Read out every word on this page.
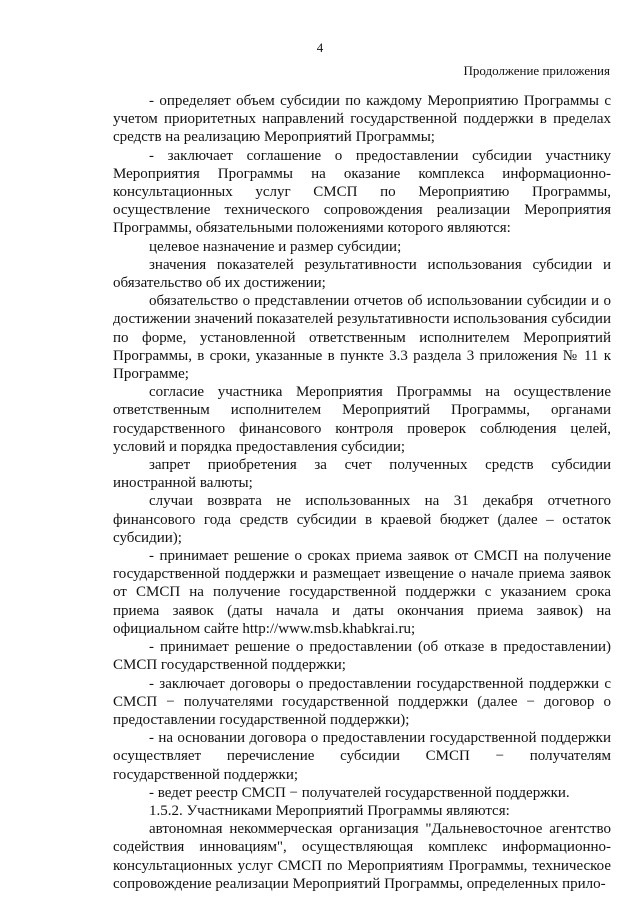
4
Продолжение приложения

- определяет объем субсидии по каждому Мероприятию Программы с учетом приоритетных направлений государственной поддержки в пределах средств на реализацию Мероприятий Программы;

- заключает соглашение о предоставлении субсидии участнику Мероприятия Программы на оказание комплекса информационно-консультационных услуг СМСП по Мероприятию Программы, осуществление технического сопровождения реализации Мероприятия Программы, обязательными положениями которого являются:

целевое назначение и размер субсидии;

значения показателей результативности использования субсидии и обязательство об их достижении;

обязательство о представлении отчетов об использовании субсидии и о достижении значений показателей результативности использования субсидии по форме, установленной ответственным исполнителем Мероприятий Программы, в сроки, указанные в пункте 3.3 раздела 3 приложения № 11 к Программе;

согласие участника Мероприятия Программы на осуществление ответственным исполнителем Мероприятий Программы, органами государственного финансового контроля проверок соблюдения целей, условий и порядка предоставления субсидии;

запрет приобретения за счет полученных средств субсидии иностранной валюты;

случаи возврата не использованных на 31 декабря отчетного финансового года средств субсидии в краевой бюджет (далее – остаток субсидии);

- принимает решение о сроках приема заявок от СМСП на получение государственной поддержки и размещает извещение о начале приема заявок от СМСП на получение государственной поддержки с указанием срока приема заявок (даты начала и даты окончания приема заявок) на официальном сайте http://www.msb.khabkrai.ru;

- принимает решение о предоставлении (об отказе в предоставлении) СМСП государственной поддержки;

- заключает договоры о предоставлении государственной поддержки с СМСП − получателями государственной поддержки (далее − договор о предоставлении государственной поддержки);

- на основании договора о предоставлении государственной поддержки осуществляет перечисление субсидии СМСП − получателям государственной поддержки;

- ведет реестр СМСП − получателей государственной поддержки.

1.5.2. Участниками Мероприятий Программы являются:

автономная некоммерческая организация "Дальневосточное агентство содействия инновациям", осуществляющая комплекс информационно-консультационных услуг СМСП по Мероприятиям Программы, техническое сопровождение реализации Мероприятий Программы, определенных прило-
